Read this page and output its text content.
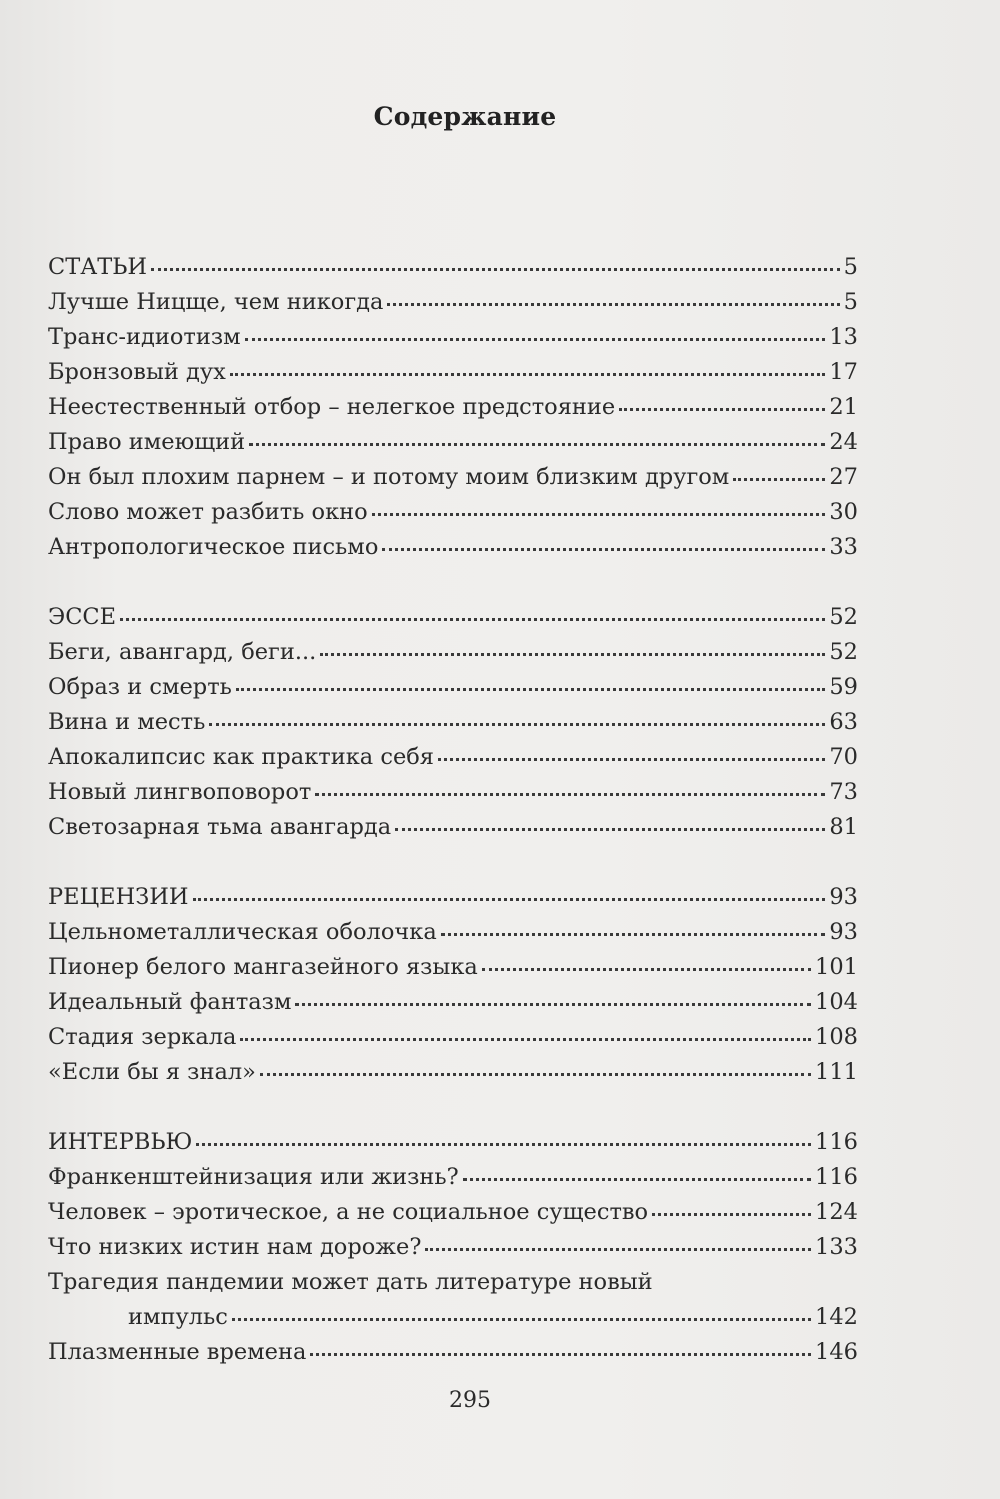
Содержание
СТАТЬИ	5
Лучше Ницще, чем никогда	5
Транс-идиотизм	13
Бронзовый дух	17
Неестественный отбор – нелегкое предстояние	21
Право имеющий	24
Он был плохим парнем – и потому моим близким другом	27
Слово может разбить окно	30
Антропологическое письмо	33
ЭССЕ	52
Беги, авангард, беги...	52
Образ и смерть	59
Вина и месть	63
Апокалипсис как практика себя	70
Новый лингвоповорот	73
Светозарная тьма авангарда	81
РЕЦЕНЗИИ	93
Цельнометаллическая оболочка	93
Пионер белого мангазейного языка	101
Идеальный фантазм	104
Стадия зеркала	108
«Если бы я знал»	111
ИНТЕРВЬЮ	116
Франкенштейнизация или жизнь?	116
Человек – эротическое, а не социальное существо	124
Что низких истин нам дороже?	133
Трагедия пандемии может дать литературе новый
импульс	142
Плазменные времена	146
295
